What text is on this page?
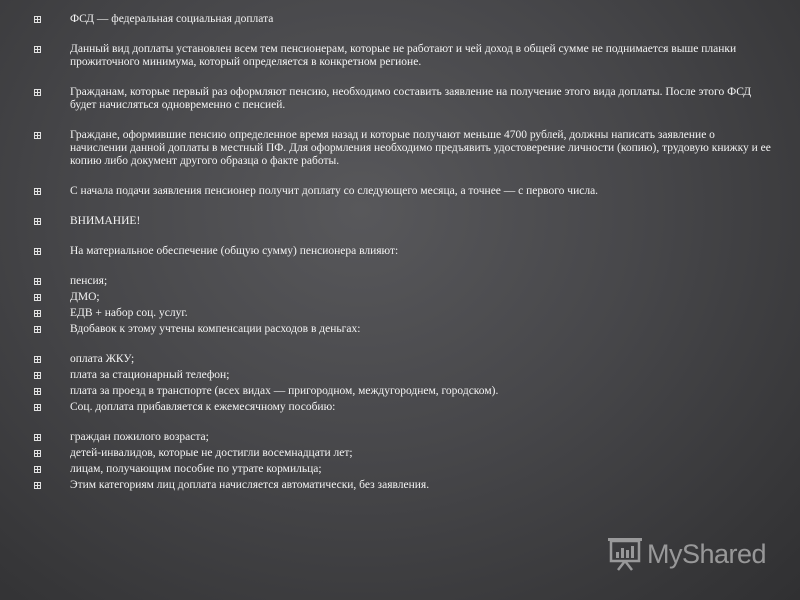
ФСД — федеральная социальная доплата
Данный вид доплаты установлен всем тем пенсионерам, которые не работают и чей доход в общей сумме не поднимается выше планки прожиточного минимума, который определяется в конкретном регионе.
Гражданам, которые первый раз оформляют пенсию, необходимо составить заявление на получение этого вида доплаты. После этого ФСД будет начисляться одновременно с пенсией.
Граждане, оформившие пенсию определенное время назад и которые получают меньше 4700 рублей, должны написать заявление о начислении данной доплаты в местный ПФ. Для оформления необходимо предъявить удостоверение личности (копию), трудовую книжку и ее копию либо документ другого образца о факте работы.
С начала подачи заявления пенсионер получит доплату со следующего месяца, а точнее — с первого числа.
ВНИМАНИЕ!
На материальное обеспечение (общую сумму) пенсионера влияют:
пенсия;
ДМО;
ЕДВ + набор соц. услуг.
Вдобавок к этому учтены компенсации расходов в деньгах:
оплата ЖКУ;
плата за стационарный телефон;
плата за проезд в транспорте (всех видах — пригородном, междугороднем, городском).
Соц. доплата прибавляется к ежемесячному пособию:
граждан пожилого возраста;
детей-инвалидов, которые не достигли восемнадцати лет;
лицам, получающим пособие по утрате кормильца;
Этим категориям лиц доплата начисляется автоматически, без заявления.
MyShared
